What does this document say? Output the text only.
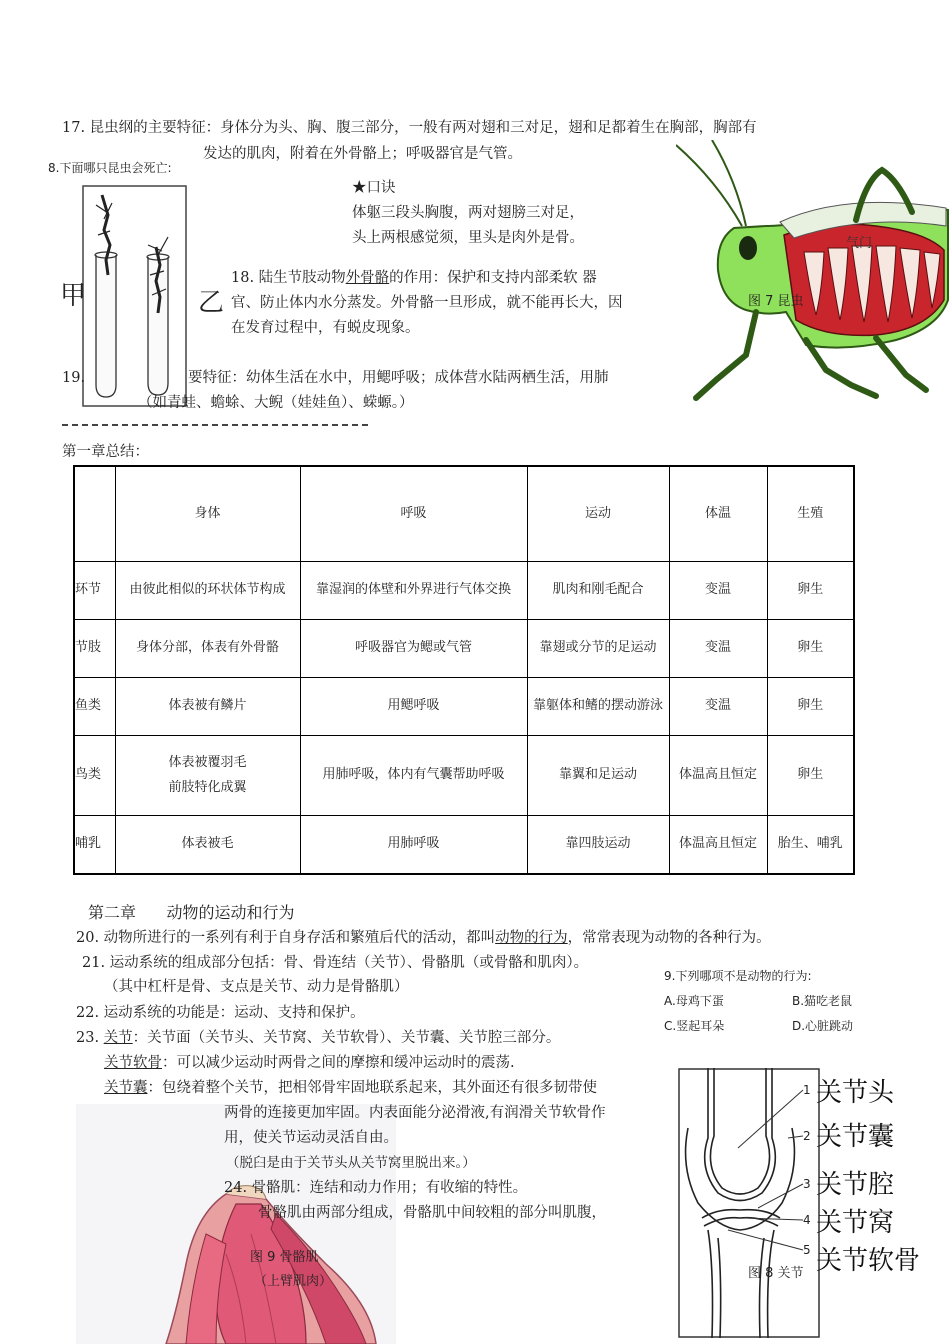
17. 昆虫纲的主要特征：身体分为头、胸、腹三部分，一般有两对翅和三对足，翅和足都着生在胸部，胸部有
发达的肌肉，附着在外骨骼上；呼吸器官是气管。
8.下面哪只昆虫会死亡:
甲	乙
★口诀
体躯三段头胸腹，两对翅膀三对足，
头上两根感觉须，里头是肉外是骨。
18. 陆生节肢动物外骨骼的作用：保护和支持内部柔软 器
官、防止体内水分蒸发。外骨骼一旦形成，就不能再长大，因
在发育过程中，有蜕皮现象。
19.	要特征：幼体生活在水中，用鳃呼吸；成体营水陆两栖生活，用肺
（如青蛙、蟾蜍、大鲵（娃娃鱼）、蝾螈。）
气门
图 7 昆虫
第一章总结：
	身体	呼吸	运动	体温	生殖
环节	由彼此相似的环状体节构成	靠湿润的体壁和外界进行气体交换	肌肉和刚毛配合	变温	卵生
节肢	身体分部，体表有外骨骼	呼吸器官为鳃或气管	靠翅或分节的足运动	变温	卵生
鱼类	体表被有鳞片	用鳃呼吸	靠躯体和鳍的摆动游泳	变温	卵生
鸟类	体表被覆羽毛
前肢特化成翼	用肺呼吸，体内有气囊帮助呼吸	靠翼和足运动	体温高且恒定	卵生
哺乳	体表被毛	用肺呼吸	靠四肢运动	体温高且恒定	胎生、哺乳
第二章      动物的运动和行为
20. 动物所进行的一系列有利于自身存活和繁殖后代的活动，都叫动物的行为，常常表现为动物的各种行为。
21. 运动系统的组成部分包括：骨、骨连结（关节）、骨骼肌（或骨骼和肌肉）。
（其中杠杆是骨、支点是关节、动力是骨骼肌）
9.下列哪项不是动物的行为:
A.母鸡下蛋	B.猫吃老鼠
C.竖起耳朵	D.心脏跳动
22. 运动系统的功能是：运动、支持和保护。
23. 关节：关节面（关节头、关节窝、关节软骨）、关节囊、关节腔三部分。
关节软骨：可以减少运动时两骨之间的摩擦和缓冲运动时的震荡.
关节囊：包绕着整个关节，把相邻骨牢固地联系起来，其外面还有很多韧带使
两骨的连接更加牢固。内表面能分泌滑液,有润滑关节软骨作
用，使关节运动灵活自由。
（脱臼是由于关节头从关节窝里脱出来。）
24. 骨骼肌：连结和动力作用；有收缩的特性。
骨骼肌由两部分组成，骨骼肌中间较粗的部分叫肌腹，
图 9 骨骼肌
（上臂肌肉）
1
2
3
4
5
关节头
关节囊
关节腔
关节窝
关节软骨
图 8 关节
